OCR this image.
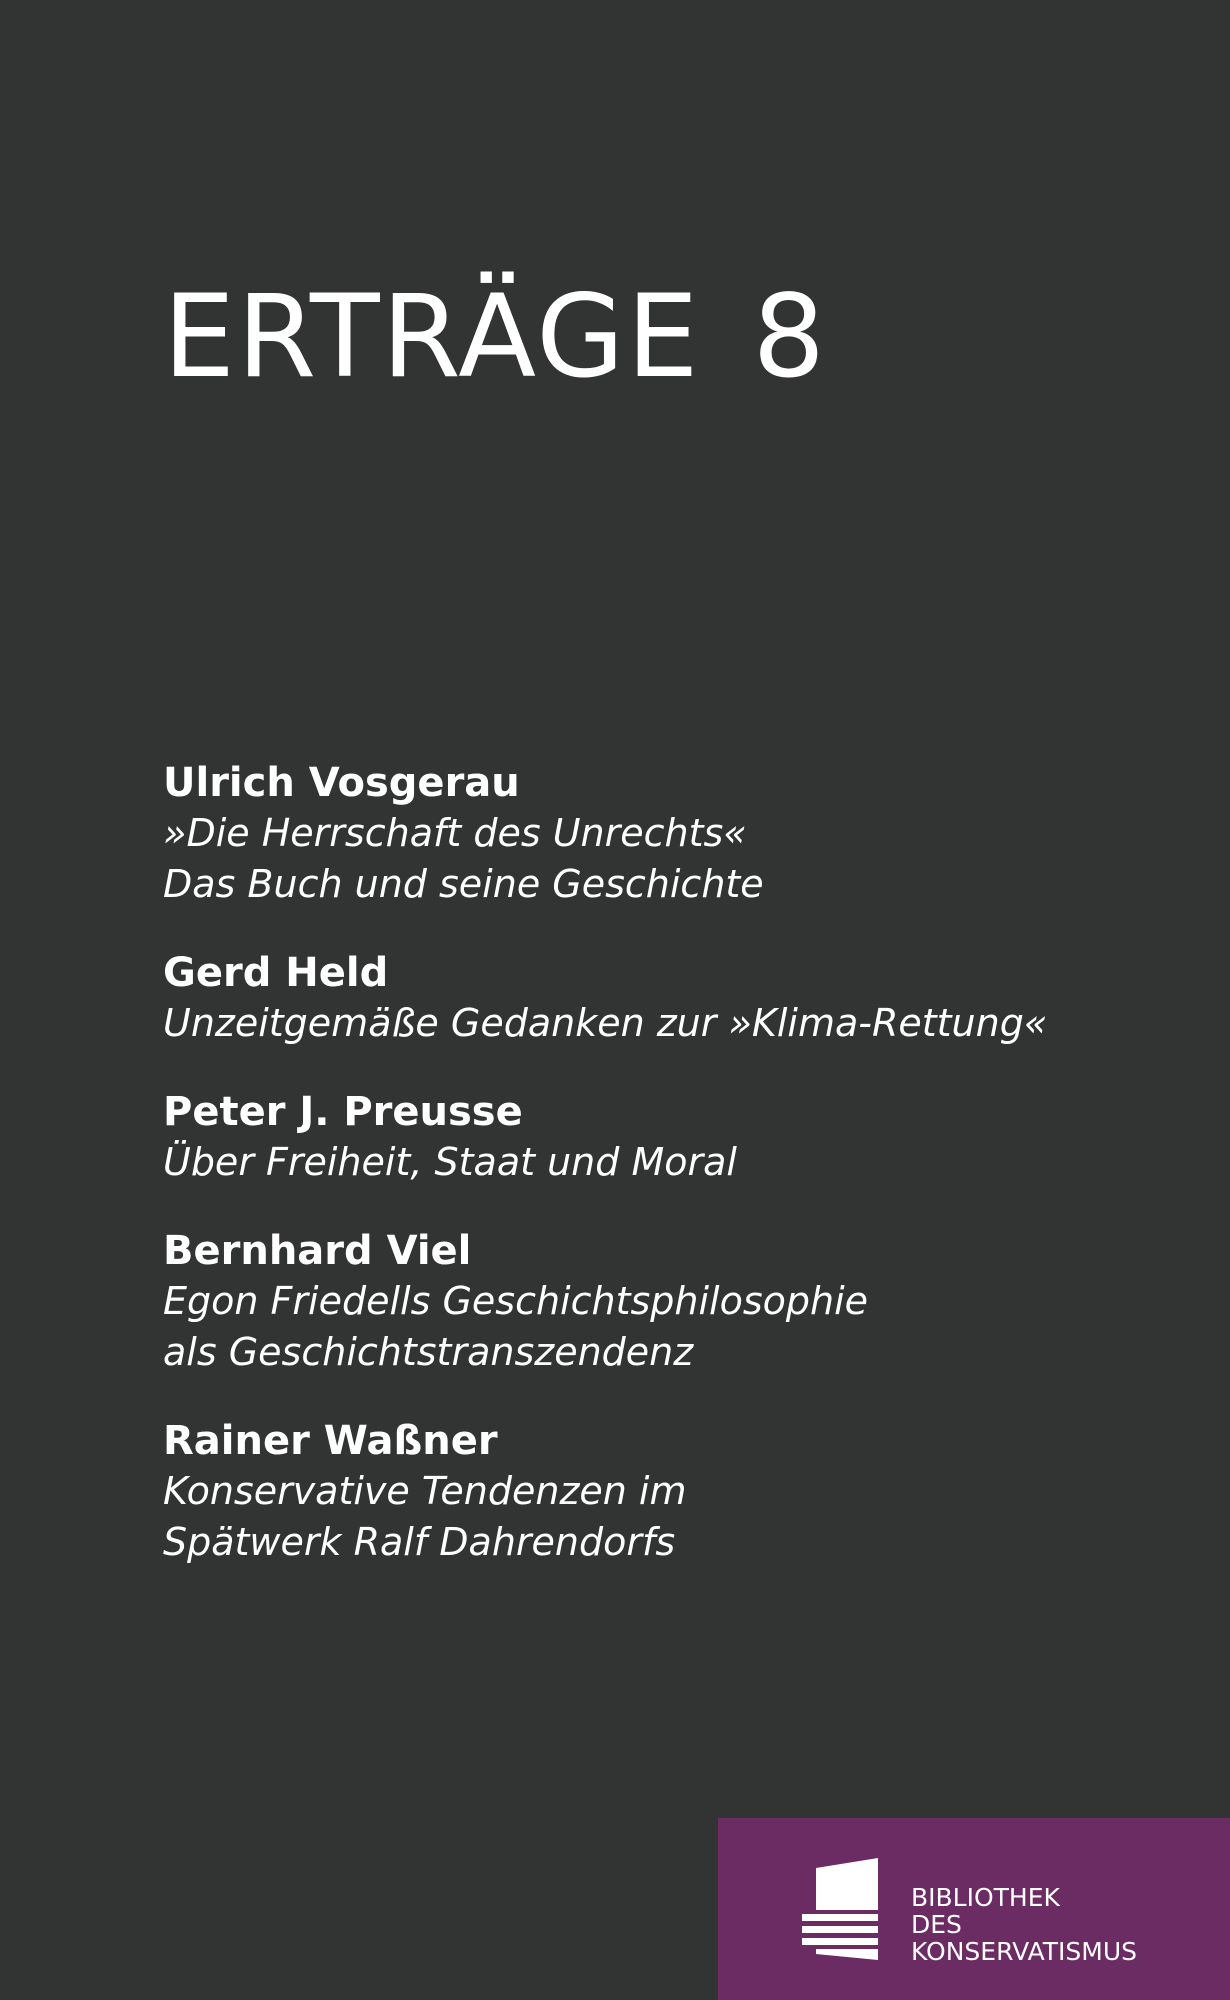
ERTRÄGE 8
Ulrich Vosgerau
»Die Herrschaft des Unrechts«
Das Buch und seine Geschichte
Gerd Held
Unzeitgemäße Gedanken zur »Klima-Rettung«
Peter J. Preusse
Über Freiheit, Staat und Moral
Bernhard Viel
Egon Friedells Geschichtsphilosophie
als Geschichtstranszendenz
Rainer Waßner
Konservative Tendenzen im
Spätwerk Ralf Dahrendorfs
BIBLIOTHEK
DES
KONSERVATISMUS
